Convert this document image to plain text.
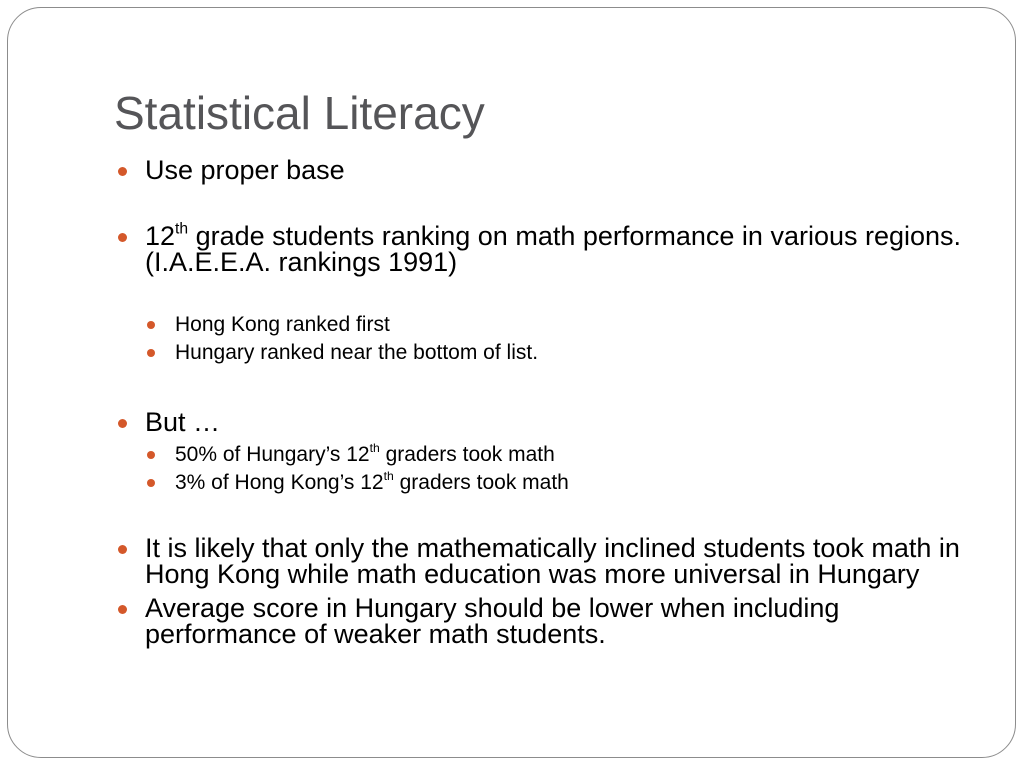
Statistical Literacy
Use proper base
12th grade students ranking on math performance in various regions. (I.A.E.E.A. rankings 1991)
Hong Kong ranked first
Hungary ranked near the bottom of list.
But …
50% of Hungary’s 12th graders took math
3% of Hong Kong’s 12th graders took math
It is likely that only the mathematically inclined students took math in Hong Kong while math education was more universal in Hungary
Average score in Hungary should be lower when including performance of weaker math students.
